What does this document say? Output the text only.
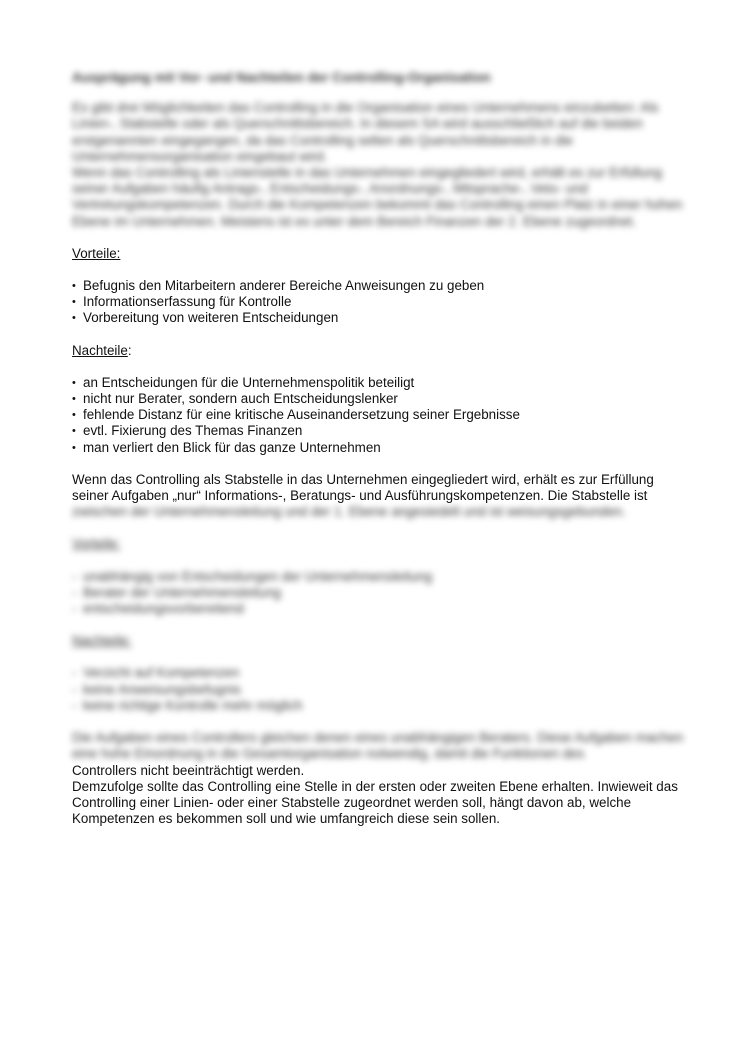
Ausprägung mit Vor- und Nachteilen der Controlling-Organisation

Es gibt drei Möglichkeiten das Controlling in die Organisation eines Unternehmens einzubetten: Als Linien-, Stabstelle oder als Querschnittsbereich. In diesem SA wird ausschließlich auf die beiden erstgenannten eingegangen, da das Controlling selten als Querschnittsbereich in die Unternehmensorganisation eingebaut wird.

Wenn das Controlling als Linienstelle in das Unternehmen eingegliedert wird, erhält es zur Erfüllung seiner Aufgaben häufig Antrags-, Entscheidungs-, Anordnungs-, Mitsprache-, Veto- und Vertretungskompetenzen. Durch die Kompetenzen bekommt das Controlling einen Platz in einer hohen Ebene im Unternehmen. Meistens ist es unter dem Bereich Finanzen der 2. Ebene zugeordnet.

Vorteile:

• Befugnis den Mitarbeitern anderer Bereiche Anweisungen zu geben
• Informationserfassung für Kontrolle
• Vorbereitung von weiteren Entscheidungen

Nachteile:

• an Entscheidungen für die Unternehmenspolitik beteiligt
• nicht nur Berater, sondern auch Entscheidungslenker
• fehlende Distanz für eine kritische Auseinandersetzung seiner Ergebnisse
• evtl. Fixierung des Themas Finanzen
• man verliert den Blick für das ganze Unternehmen

Wenn das Controlling als Stabstelle in das Unternehmen eingegliedert wird, erhält es zur Erfüllung seiner Aufgaben „nur“ Informations-, Beratungs- und Ausführungskompetenzen. Die Stabstelle ist

zwischen der Unternehmensleitung und der 1. Ebene angesiedelt und ist weisungsgebunden.

Vorteile:

- unabhängig von Entscheidungen der Unternehmensleitung
- Berater der Unternehmensleitung
- entscheidungsvorbereitend

Nachteile:

- Verzicht auf Kompetenzen
- keine Anweisungsbefugnis
- keine richtige Kontrolle mehr möglich

Die Aufgaben eines Controllers gleichen denen eines unabhängigen Beraters. Diese Aufgaben machen eine hohe Einordnung in die Gesamtorganisation notwendig, damit die Funktionen des

Controllers nicht beeinträchtigt werden.

Demzufolge sollte das Controlling eine Stelle in der ersten oder zweiten Ebene erhalten. Inwieweit das Controlling einer Linien- oder einer Stabstelle zugeordnet werden soll, hängt davon ab, welche Kompetenzen es bekommen soll und wie umfangreich diese sein sollen.
